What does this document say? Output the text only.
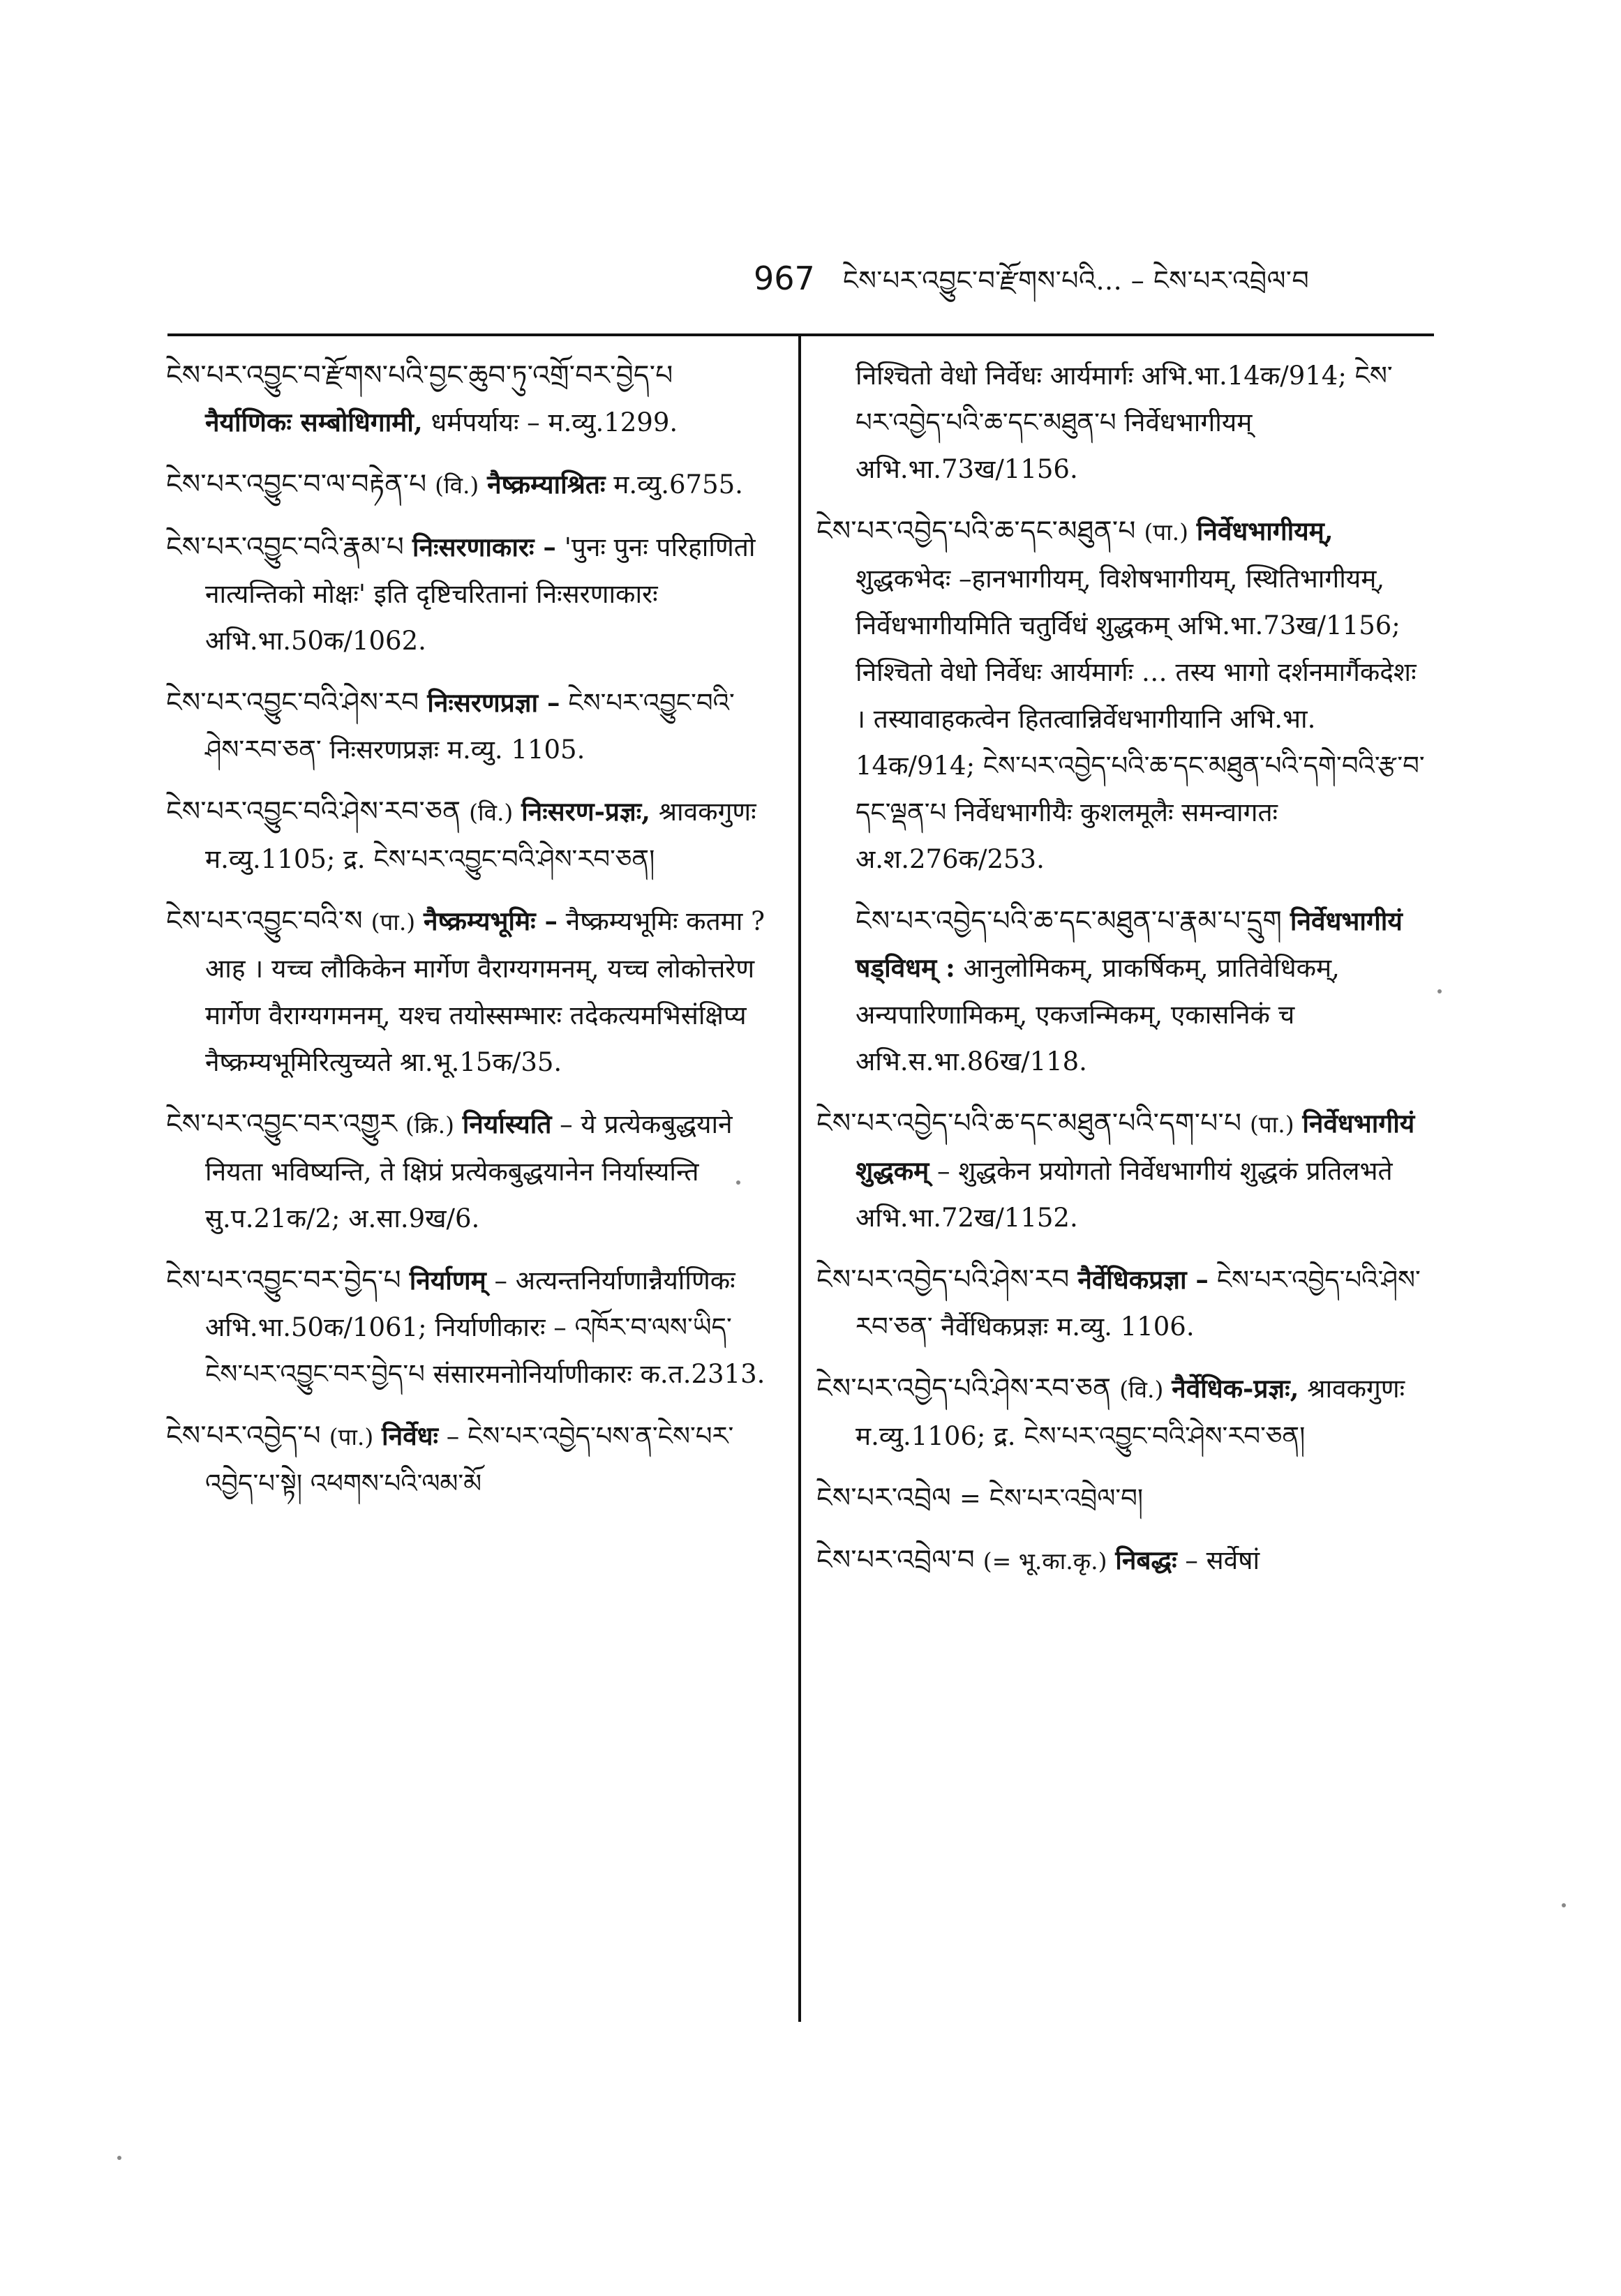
967 ངེས་པར་འབྱུང་བ་རྫོགས་པའི... – ངེས་པར་འབྲེལ་བ

ངེས་པར་འབྱུང་བ་རྫོགས་པའི་བྱང་ཆུབ་ཏུ་འགྲོ་བར་བྱེད་པ नैर्याणिकः सम्बोधिगामी, धर्मपर्यायः – म.व्यु.1299.

ངེས་པར་འབྱུང་བ་ལ་བརྟེན་པ (वि.) नैष्क्रम्याश्रितः म.व्यु.6755.

ངེས་པར་འབྱུང་བའི་རྣམ་པ निःसरणाकारः – 'पुनः पुनः परिहाणितो नात्यन्तिको मोक्षः' इति दृष्टिचरितानां निःसरणाकारः अभि.भा.50क/1062.

ངེས་པར་འབྱུང་བའི་ཤེས་རབ निःसरणप्रज्ञा – ངེས་པར་འབྱུང་བའི་ཤེས་རབ་ཅན་ निःसरणप्रज्ञः म.व्यु. 1105.

ངེས་པར་འབྱུང་བའི་ཤེས་རབ་ཅན (वि.) निःसरण-प्रज्ञः, श्रावकगुणः म.व्यु.1105; द्र. ངེས་པར་འབྱུང་བའི་ཤེས་རབ་ཅན།

ངེས་པར་འབྱུང་བའི་ས (पा.) नैष्क्रम्यभूमिः – नैष्क्रम्यभूमिः कतमा ? आह । यच्च लौकिकेन मार्गेण वैराग्यगमनम्, यच्च लोकोत्तरेण मार्गेण वैराग्यगमनम्, यश्च तयोस्सम्भारः तदेकत्यमभिसंक्षिप्य नैष्क्रम्यभूमिरित्युच्यते श्रा.भू.15क/35.

ངེས་པར་འབྱུང་བར་འགྱུར (क्रि.) निर्यास्यति – ये प्रत्येकबुद्धयाने नियता भविष्यन्ति, ते क्षिप्रं प्रत्येकबुद्धयानेन निर्यास्यन्ति सु.प.21क/2; अ.सा.9ख/6.

ངེས་པར་འབྱུང་བར་བྱེད་པ निर्याणम् – अत्यन्तनिर्याणान्नैर्याणिकः अभि.भा.50क/1061; निर्याणीकारः – འཁོར་བ་ལས་ཡིད་ངེས་པར་འབྱུང་བར་བྱེད་པ संसारमनोनिर्याणीकारः क.त.2313.

ངེས་པར་འབྱེད་པ (पा.) निर्वेधः – ངེས་པར་འབྱེད་པས་ན་ངེས་པར་འབྱེད་པ་སྟེ། འཕགས་པའི་ལམ་མོ

निश्चितो वेधो निर्वेधः आर्यमार्गः अभि.भा.14क/914; ངེས་པར་འབྱེད་པའི་ཆ་དང་མཐུན་པ निर्वेधभागीयम् अभि.भा.73ख/1156.

ངེས་པར་འབྱེད་པའི་ཆ་དང་མཐུན་པ (पा.) निर्वेधभागीयम्, शुद्धकभेदः –हानभागीयम्, विशेषभागीयम्, स्थितिभागीयम्, निर्वेधभागीयमिति चतुर्विधं शुद्धकम् अभि.भा.73ख/1156; निश्चितो वेधो निर्वेधः आर्यमार्गः … तस्य भागो दर्शनमार्गैकदेशः । तस्यावाहकत्वेन हितत्वान्निर्वेधभागीयानि अभि.भा. 14क/914; ངེས་པར་འབྱེད་པའི་ཆ་དང་མཐུན་པའི་དགེ་བའི་རྩ་བ་དང་ལྡན་པ निर्वेधभागीयैः कुशलमूलैः समन्वागतः अ.श.276क/253.

ངེས་པར་འབྱེད་པའི་ཆ་དང་མཐུན་པ་རྣམ་པ་དྲུག निर्वेधभागीयं षड्विधम् : आनुलोमिकम्, प्राकर्षिकम्, प्रातिवेधिकम्, अन्यपारिणामिकम्, एकजन्मिकम्, एकासनिकं च अभि.स.भा.86ख/118.

ངེས་པར་འབྱེད་པའི་ཆ་དང་མཐུན་པའི་དག་པ་པ (पा.) निर्वेधभागीयं शुद्धकम् – शुद्धकेन प्रयोगतो निर्वेधभागीयं शुद्धकं प्रतिलभते अभि.भा.72ख/1152.

ངེས་པར་འབྱེད་པའི་ཤེས་རབ नैर्वेधिकप्रज्ञा – ངེས་པར་འབྱེད་པའི་ཤེས་རབ་ཅན་ नैर्वेधिकप्रज्ञः म.व्यु. 1106.

ངེས་པར་འབྱེད་པའི་ཤེས་རབ་ཅན (वि.) नैर्वेधिक-प्रज्ञः, श्रावकगुणः म.व्यु.1106; द्र. ངེས་པར་འབྱུང་བའི་ཤེས་རབ་ཅན།

ངེས་པར་འབྲེལ = ངེས་པར་འབྲེལ་བ།

ངེས་པར་འབྲེལ་བ (= भू.का.कृ.) निबद्धः – सर्वेषां
